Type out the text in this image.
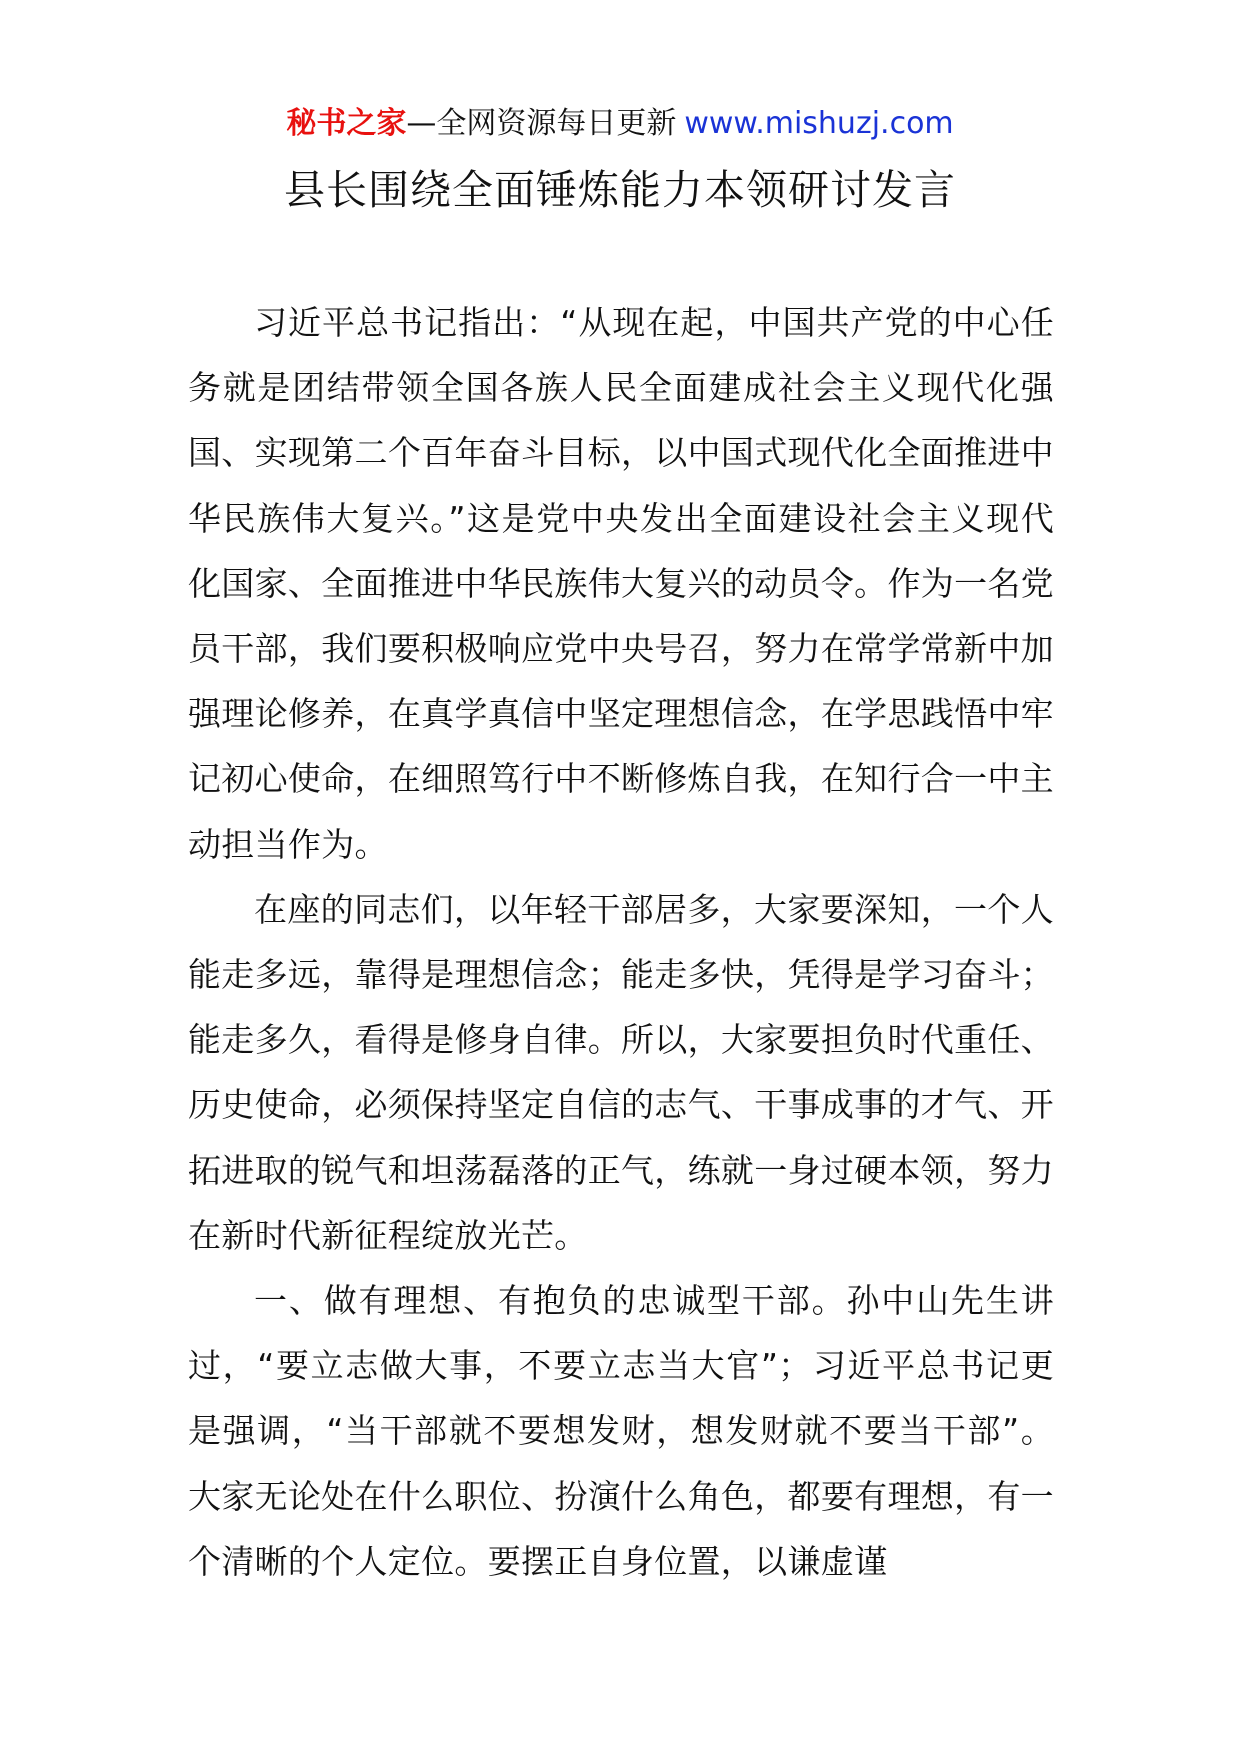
秘书之家—全网资源每日更新 www.mishuzj.com
县长围绕全面锤炼能力本领研讨发言

习近平总书记指出：“从现在起，中国共产党的中心任务就是团结带领全国各族人民全面建成社会主义现代化强国、实现第二个百年奋斗目标，以中国式现代化全面推进中华民族伟大复兴。”这是党中央发出全面建设社会主义现代化国家、全面推进中华民族伟大复兴的动员令。作为一名党员干部，我们要积极响应党中央号召，努力在常学常新中加强理论修养，在真学真信中坚定理想信念，在学思践悟中牢记初心使命，在细照笃行中不断修炼自我，在知行合一中主动担当作为。

在座的同志们，以年轻干部居多，大家要深知，一个人能走多远，靠得是理想信念；能走多快，凭得是学习奋斗；能走多久，看得是修身自律。所以，大家要担负时代重任、历史使命，必须保持坚定自信的志气、干事成事的才气、开拓进取的锐气和坦荡磊落的正气，练就一身过硬本领，努力在新时代新征程绽放光芒。

一、做有理想、有抱负的忠诚型干部。孙中山先生讲过，“要立志做大事，不要立志当大官”；习近平总书记更是强调，“当干部就不要想发财，想发财就不要当干部”。大家无论处在什么职位、扮演什么角色，都要有理想，有一个清晰的个人定位。要摆正自身位置，以谦虚谨
